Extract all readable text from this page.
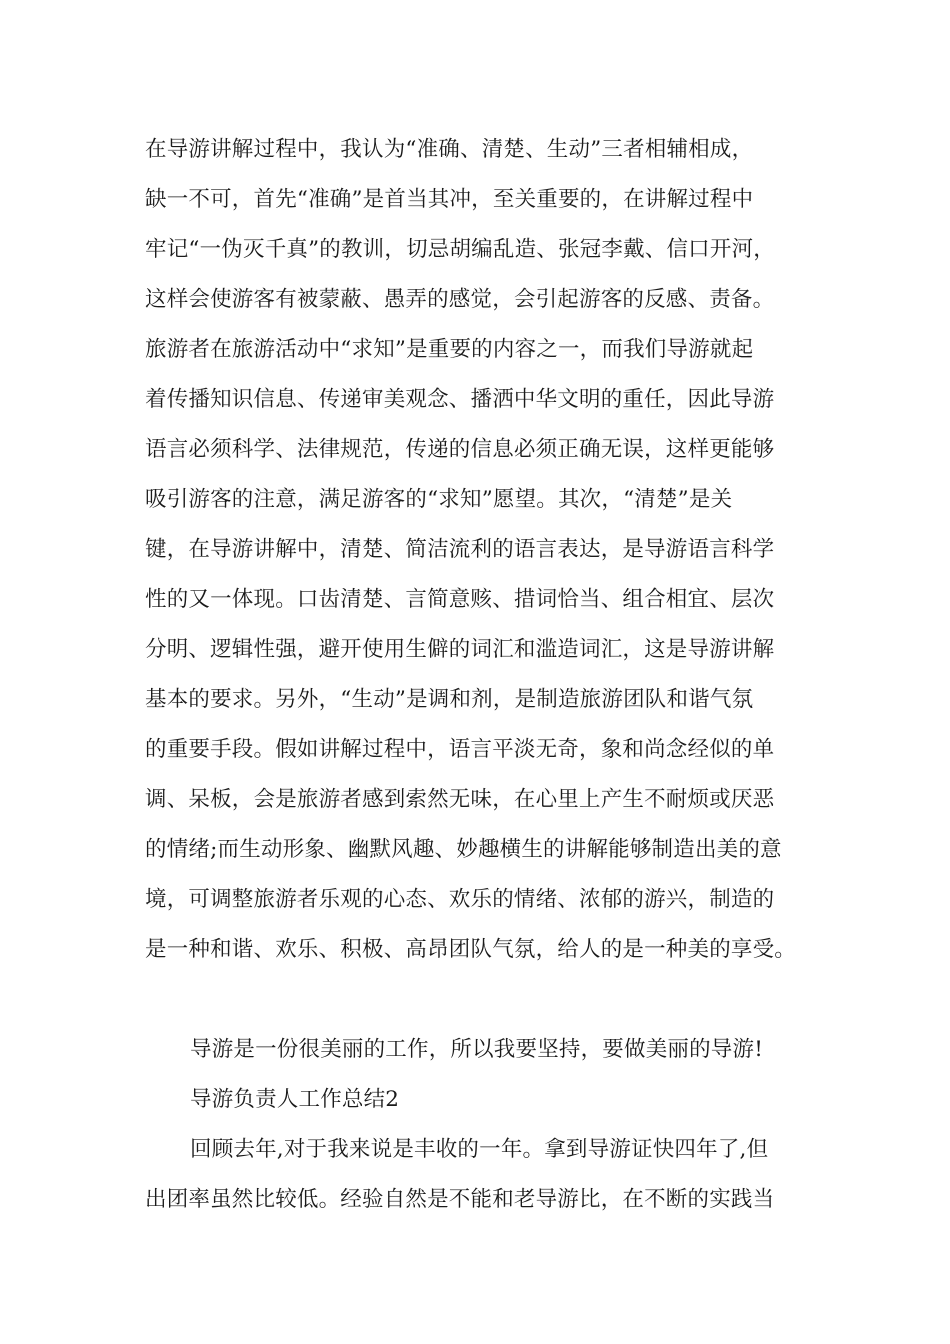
在导游讲解过程中，我认为“准确、清楚、生动”三者相辅相成，
缺一不可，首先“准确”是首当其冲，至关重要的，在讲解过程中
牢记“一伪灭千真”的教训，切忌胡编乱造、张冠李戴、信口开河，
这样会使游客有被蒙蔽、愚弄的感觉，会引起游客的反感、责备。
旅游者在旅游活动中“求知”是重要的内容之一，而我们导游就起
着传播知识信息、传递审美观念、播洒中华文明的重任，因此导游
语言必须科学、法律规范，传递的信息必须正确无误，这样更能够
吸引游客的注意，满足游客的“求知”愿望。其次，“清楚”是关
键，在导游讲解中，清楚、简洁流利的语言表达，是导游语言科学
性的又一体现。口齿清楚、言简意赅、措词恰当、组合相宜、层次
分明、逻辑性强，避开使用生僻的词汇和滥造词汇，这是导游讲解
基本的要求。另外，“生动”是调和剂，是制造旅游团队和谐气氛
的重要手段。假如讲解过程中，语言平淡无奇，象和尚念经似的单
调、呆板，会是旅游者感到索然无味，在心里上产生不耐烦或厌恶
的情绪;而生动形象、幽默风趣、妙趣横生的讲解能够制造出美的意
境，可调整旅游者乐观的心态、欢乐的情绪、浓郁的游兴，制造的
是一种和谐、欢乐、积极、高昂团队气氛，给人的是一种美的享受。
导游是一份很美丽的工作，所以我要坚持，要做美丽的导游!
导游负责人工作总结2
回顾去年,对于我来说是丰收的一年。拿到导游证快四年了,但
出团率虽然比较低。经验自然是不能和老导游比，在不断的实践当
